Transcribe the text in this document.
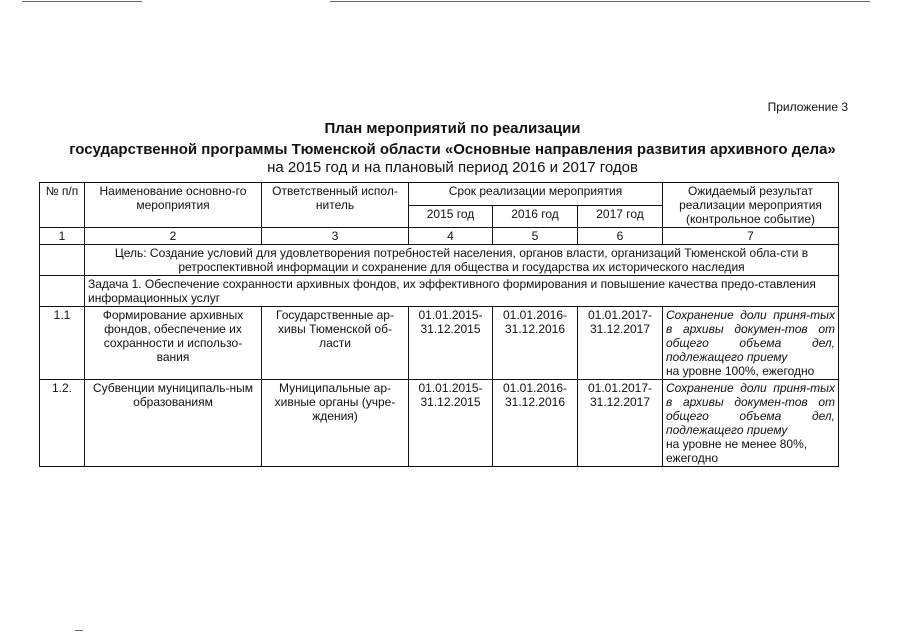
Приложение 3
План мероприятий по реализации
государственной программы Тюменской области «Основные направления развития архивного дела»
на 2015 год и на плановый период 2016 и 2017 годов
№ п/п	Наименование основно-го мероприятия	Ответственный испол-нитель	Срок реализации мероприятия			Ожидаемый результат реализации мероприятия (контрольное событие)
			2015 год	2016 год	2017 год	
1	2	3	4	5	6	7
	Цель: Создание условий для удовлетворения потребностей населения, органов власти, организаций Тюменской обла-сти в ретроспективной информации и сохранение для общества и государства их исторического наследия					
	Задача 1. Обеспечение сохранности архивных фондов, их эффективного формирования и повышение качества предо-ставления информационных услуг					
1.1	Формирование архивных фондов, обеспечение их сохранности и использо-вания	Государственные ар-хивы Тюменской об-ласти	01.01.2015-31.12.2015	01.01.2016-31.12.2016	01.01.2017-31.12.2017	Сохранение доли приня-тых в архивы докумен-тов от общего объема дел, подлежащего приему
на уровне 100%, ежегодно

1.2.	Субвенции муниципаль-ным образованиям	Муниципальные ар-хивные органы (учре-ждения)	01.01.2015-31.12.2015	01.01.2016-31.12.2016	01.01.2017-31.12.2017	Сохранение доли приня-тых в архивы докумен-тов от общего объема дел, подлежащего приему
на уровне не менее 80%, ежегодно
